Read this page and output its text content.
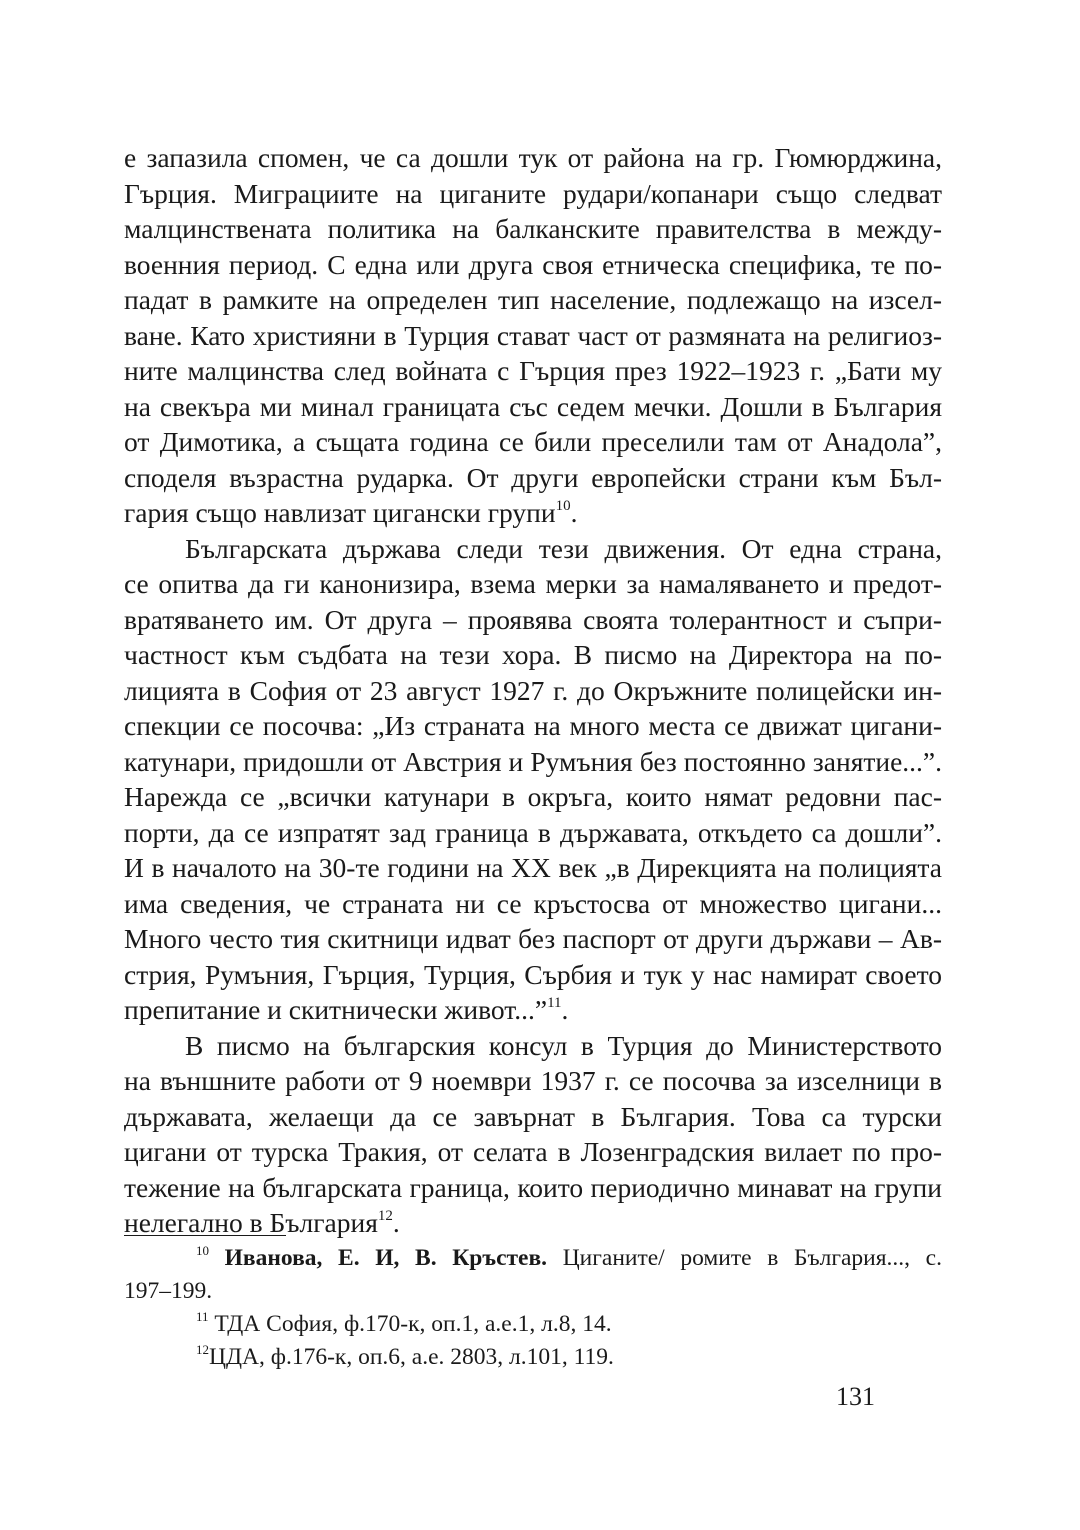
е запазила спомен, че са дошли тук от района на гр. Гюмюрджина,
Гърция. Миграциите на циганите рудари/копанари също следват
малцинствената политика на балканските правителства в между-
военния период. С една или друга своя етническа специфика, те по-
падат в рамките на определен тип население, подлежащо на изсел-
ване. Като християни в Турция стават част от размяната на религиоз-
ните малцинства след войната с Гърция през 1922–1923 г. „Бати му
на свекъра ми минал границата със седем мечки. Дошли в България
от Димотика, а същата година се били преселили там от Анадола”,
споделя възрастна рударка. От други европейски страни към Бъл-
гария също навлизат цигански групи$^{10}$.
Българската държава следи тези движения. От една страна,
се опитва да ги канонизира, взема мерки за намаляването и предот-
вратяването им. От друга – проявява своята толерантност и съпри-
частност към съдбата на тези хора. В писмо на Директора на по-
лицията в София от 23 август 1927 г. до Окръжните полицейски ин-
спекции се посочва: „Из страната на много места се движат цигани-
катунари, придошли от Австрия и Румъния без постоянно занятие...”.
Нарежда се „всички катунари в окръга, които нямат редовни пас-
порти, да се изпратят зад граница в държавата, откъдето са дошли”.
И в началото на 30-те години на XX век „в Дирекцията на полицията
има сведения, че страната ни се кръстосва от множество цигани...
Много често тия скитници идват без паспорт от други държави – Ав-
стрия, Румъния, Гърция, Турция, Сърбия и тук у нас намират своето
препитание и скитнически живот...”$^{11}$.
В писмо на българския консул в Турция до Министерството
на външните работи от 9 ноември 1937 г. се посочва за изселници в
държавата, желаещи да се завърнат в България. Това са турски
цигани от турска Тракия, от селата в Лозенградския вилает по про-
тежение на българската граница, които периодично минават на групи
нелегално в България$^{12}$.
$^{10}$ Иванова, Е. И, В. Кръстев. Циганите/ ромите в България..., с.
197–199.
$^{11}$ ТДА София, ф.170-к, оп.1, а.е.1, л.8, 14.
$^{12}$ЦДА, ф.176-к, оп.6, а.е. 2803, л.101, 119.
131
